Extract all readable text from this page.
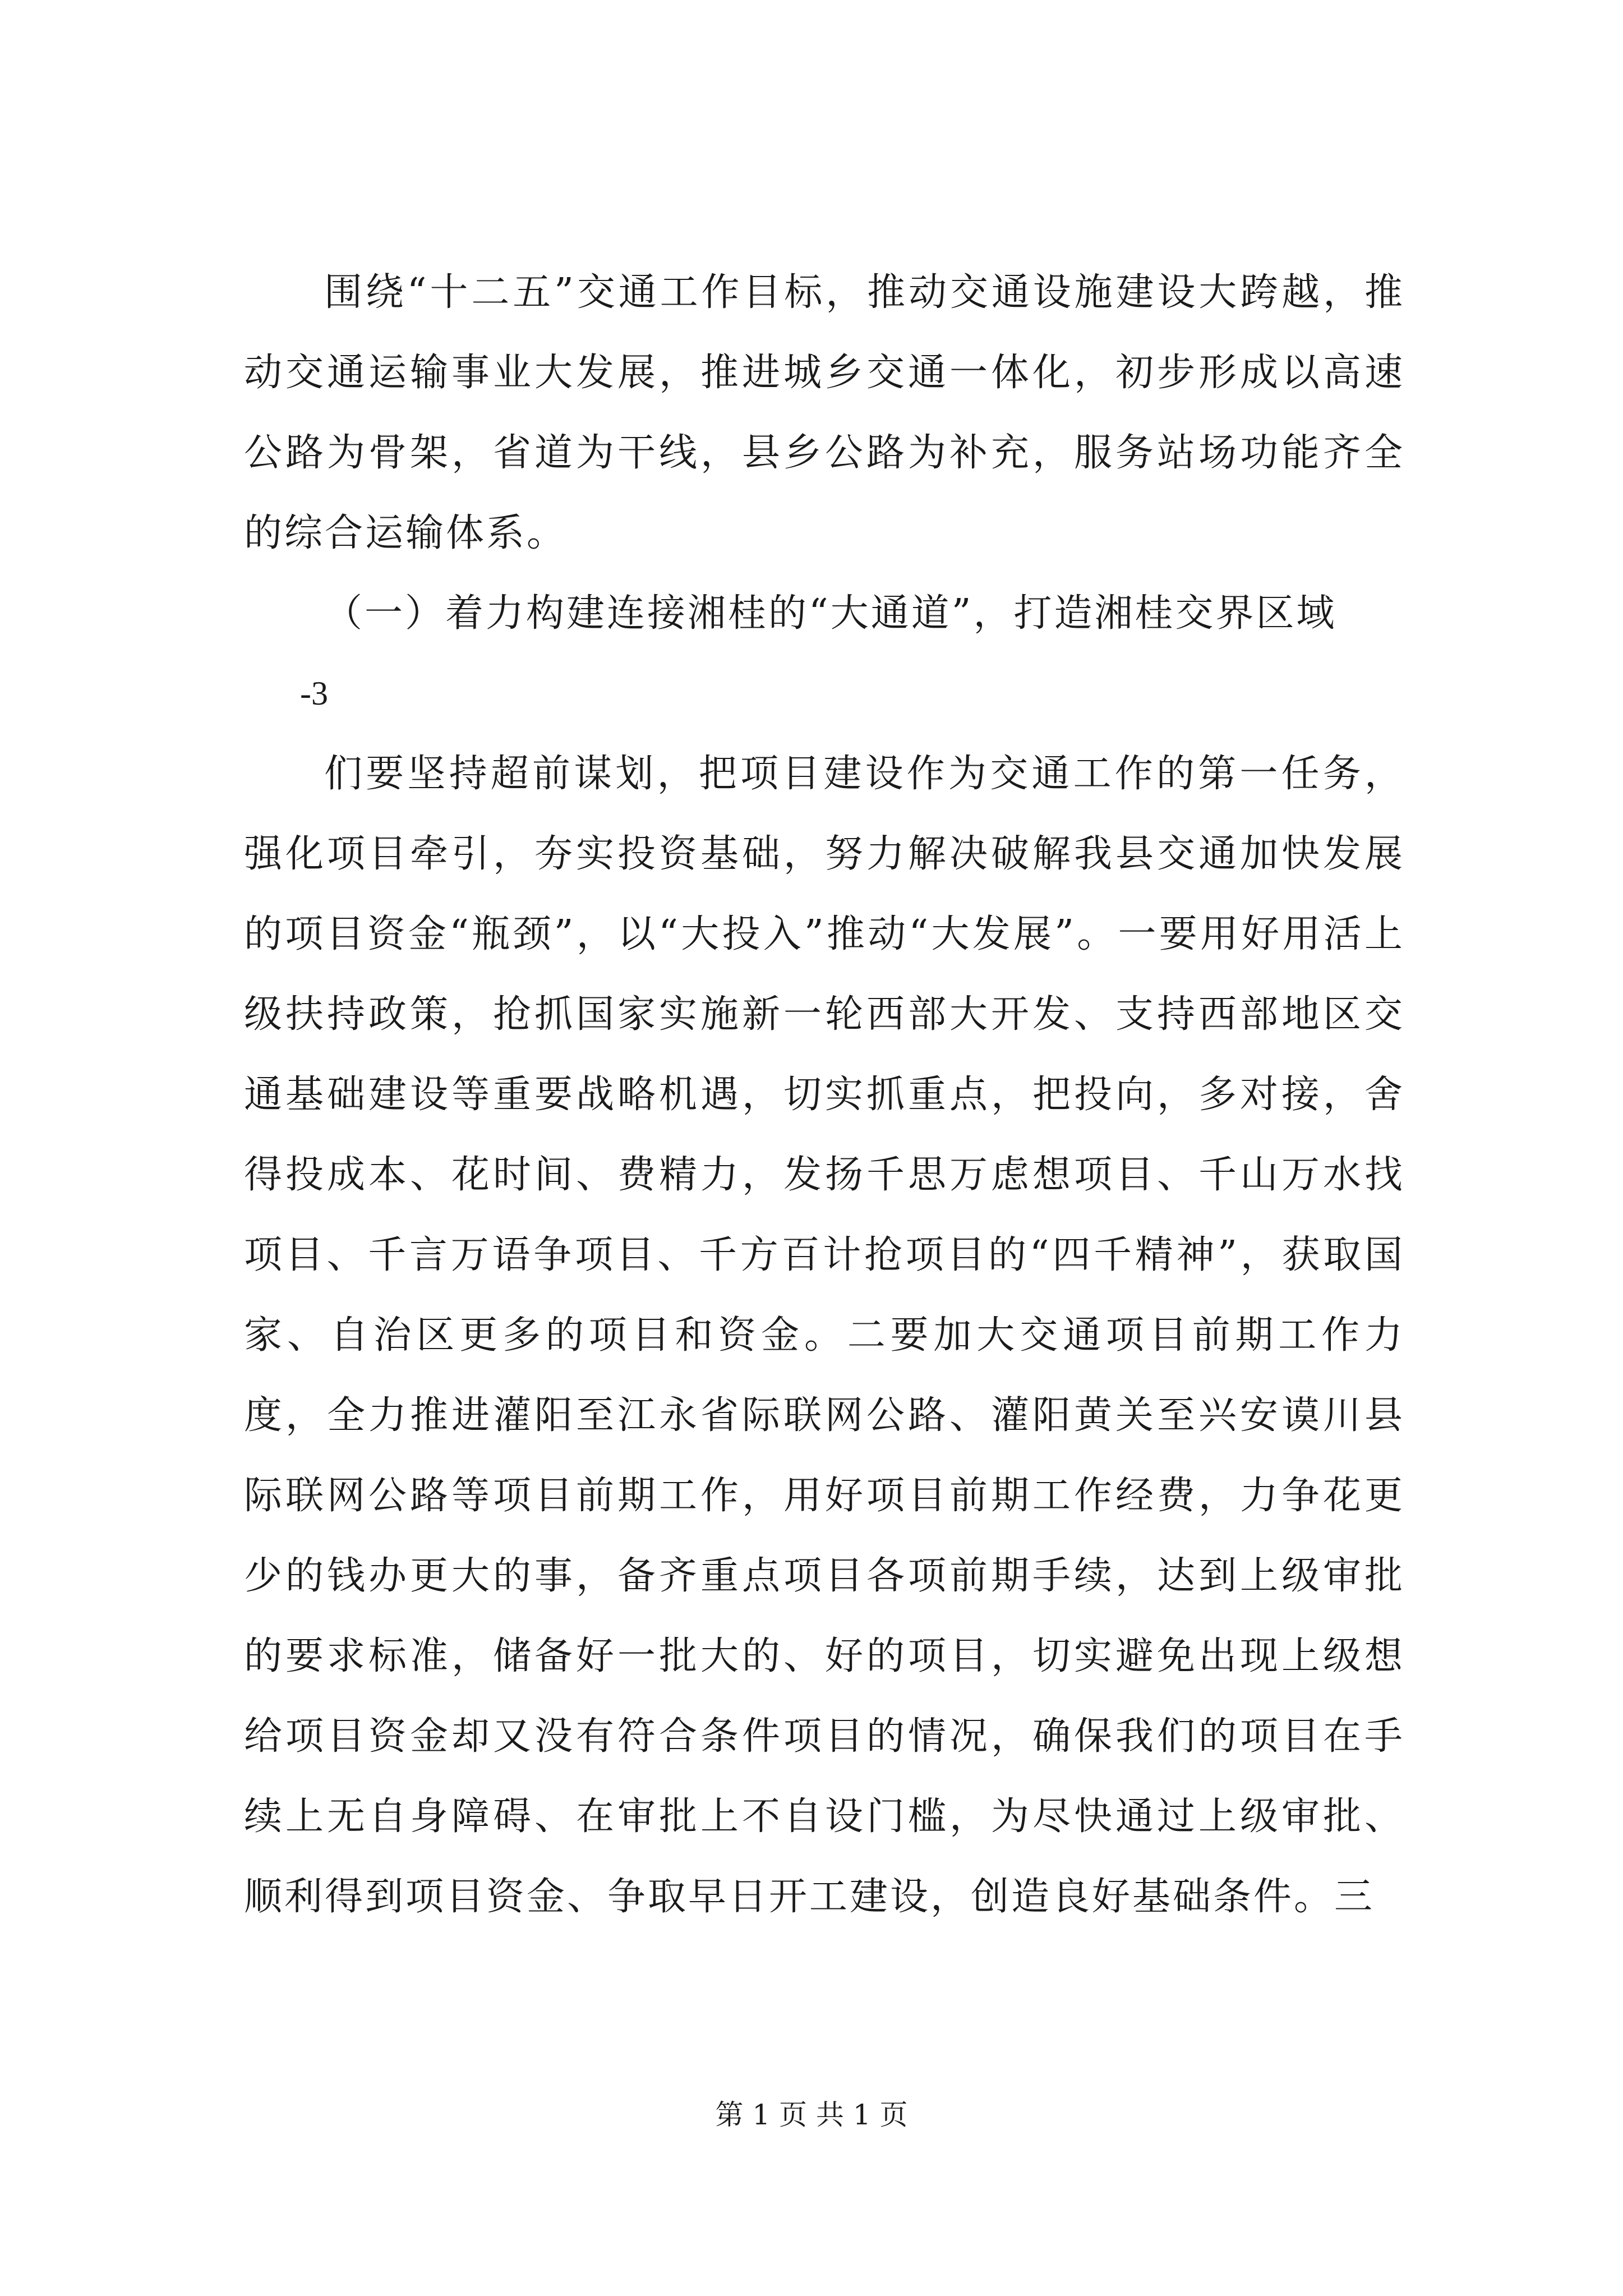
围绕“十二五”交通工作目标，推动交通设施建设大跨越，推动交通运输事业大发展，推进城乡交通一体化，初步形成以高速公路为骨架，省道为干线，县乡公路为补充，服务站场功能齐全的综合运输体系。

（一）着力构建连接湘桂的“大通道”，打造湘桂交界区域

-3

们要坚持超前谋划，把项目建设作为交通工作的第一任务，强化项目牵引，夯实投资基础，努力解决破解我县交通加快发展的项目资金“瓶颈”，以“大投入”推动“大发展”。一要用好用活上级扶持政策，抢抓国家实施新一轮西部大开发、支持西部地区交通基础建设等重要战略机遇，切实抓重点，把投向，多对接，舍得投成本、花时间、费精力，发扬千思万虑想项目、千山万水找项目、千言万语争项目、千方百计抢项目的“四千精神”，获取国家、自治区更多的项目和资金。二要加大交通项目前期工作力度，全力推进灌阳至江永省际联网公路、灌阳黄关至兴安谟川县际联网公路等项目前期工作，用好项目前期工作经费，力争花更少的钱办更大的事，备齐重点项目各项前期手续，达到上级审批的要求标准，储备好一批大的、好的项目，切实避免出现上级想给项目资金却又没有符合条件项目的情况，确保我们的项目在手续上无自身障碍、在审批上不自设门槛，为尽快通过上级审批、顺利得到项目资金、争取早日开工建设，创造良好基础条件。三

第 1 页 共 1 页
